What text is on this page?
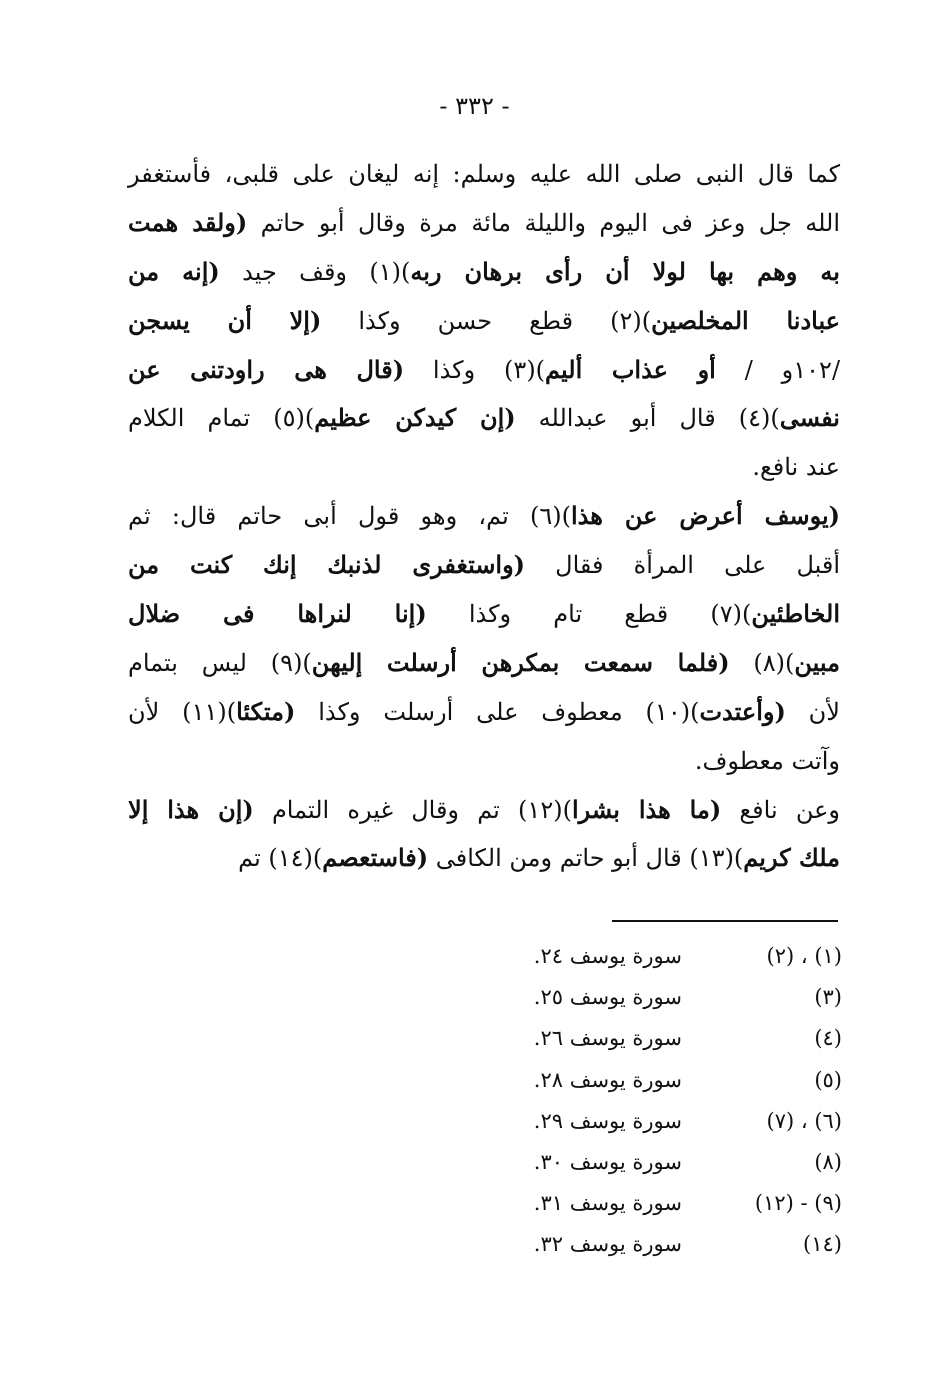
- ٣٣٢ -
كما قال النبى صلى الله عليه وسلم: إنه ليغان على قلبى، فأستغفر
الله جل وعز فى اليوم والليلة مائة مرة وقال أبو حاتم (ولقد همت
به وهم بها لولا أن رأى برهان ربه)(١) وقف جيد (إنه من
عبادنا المخلصين)(٢) قطع حسن وكذا (إلا أن يسجن
/١٠٢و / أو عذاب أليم)(٣) وكذا (قال هى راودتنى عن
نفسى)(٤) قال أبو عبدالله (إن كيدكن عظيم)(٥) تمام الكلام
عند نافع.
(يوسف أعرض عن هذا)(٦) تم، وهو قول أبى حاتم قال: ثم
أقبل على المرأة فقال (واستغفرى لذنبك إنك كنت من
الخاطئين)(٧) قطع تام وكذا (إنا لنراها فى ضلال
مبين)(٨) (فلما سمعت بمكرهن أرسلت إليهن)(٩) ليس بتمام
لأن (وأعتدت)(١٠) معطوف على أرسلت وكذا (متكئا)(١١) لأن
وآتت معطوف.
وعن نافع (ما هذا بشرا)(١٢) تم وقال غيره التمام (إن هذا إلا
ملك كريم)(١٣) قال أبو حاتم ومن الكافى (فاستعصم)(١٤) تم
(١) ، (٢)
سورة يوسف ٢٤.
(٣)
سورة يوسف ٢٥.
(٤)
سورة يوسف ٢٦.
(٥)
سورة يوسف ٢٨.
(٦) ، (٧)
سورة يوسف ٢٩.
(٨)
سورة يوسف ٣٠.
(٩) - (١٢)
سورة يوسف ٣١.
(١٤)
سورة يوسف ٣٢.
